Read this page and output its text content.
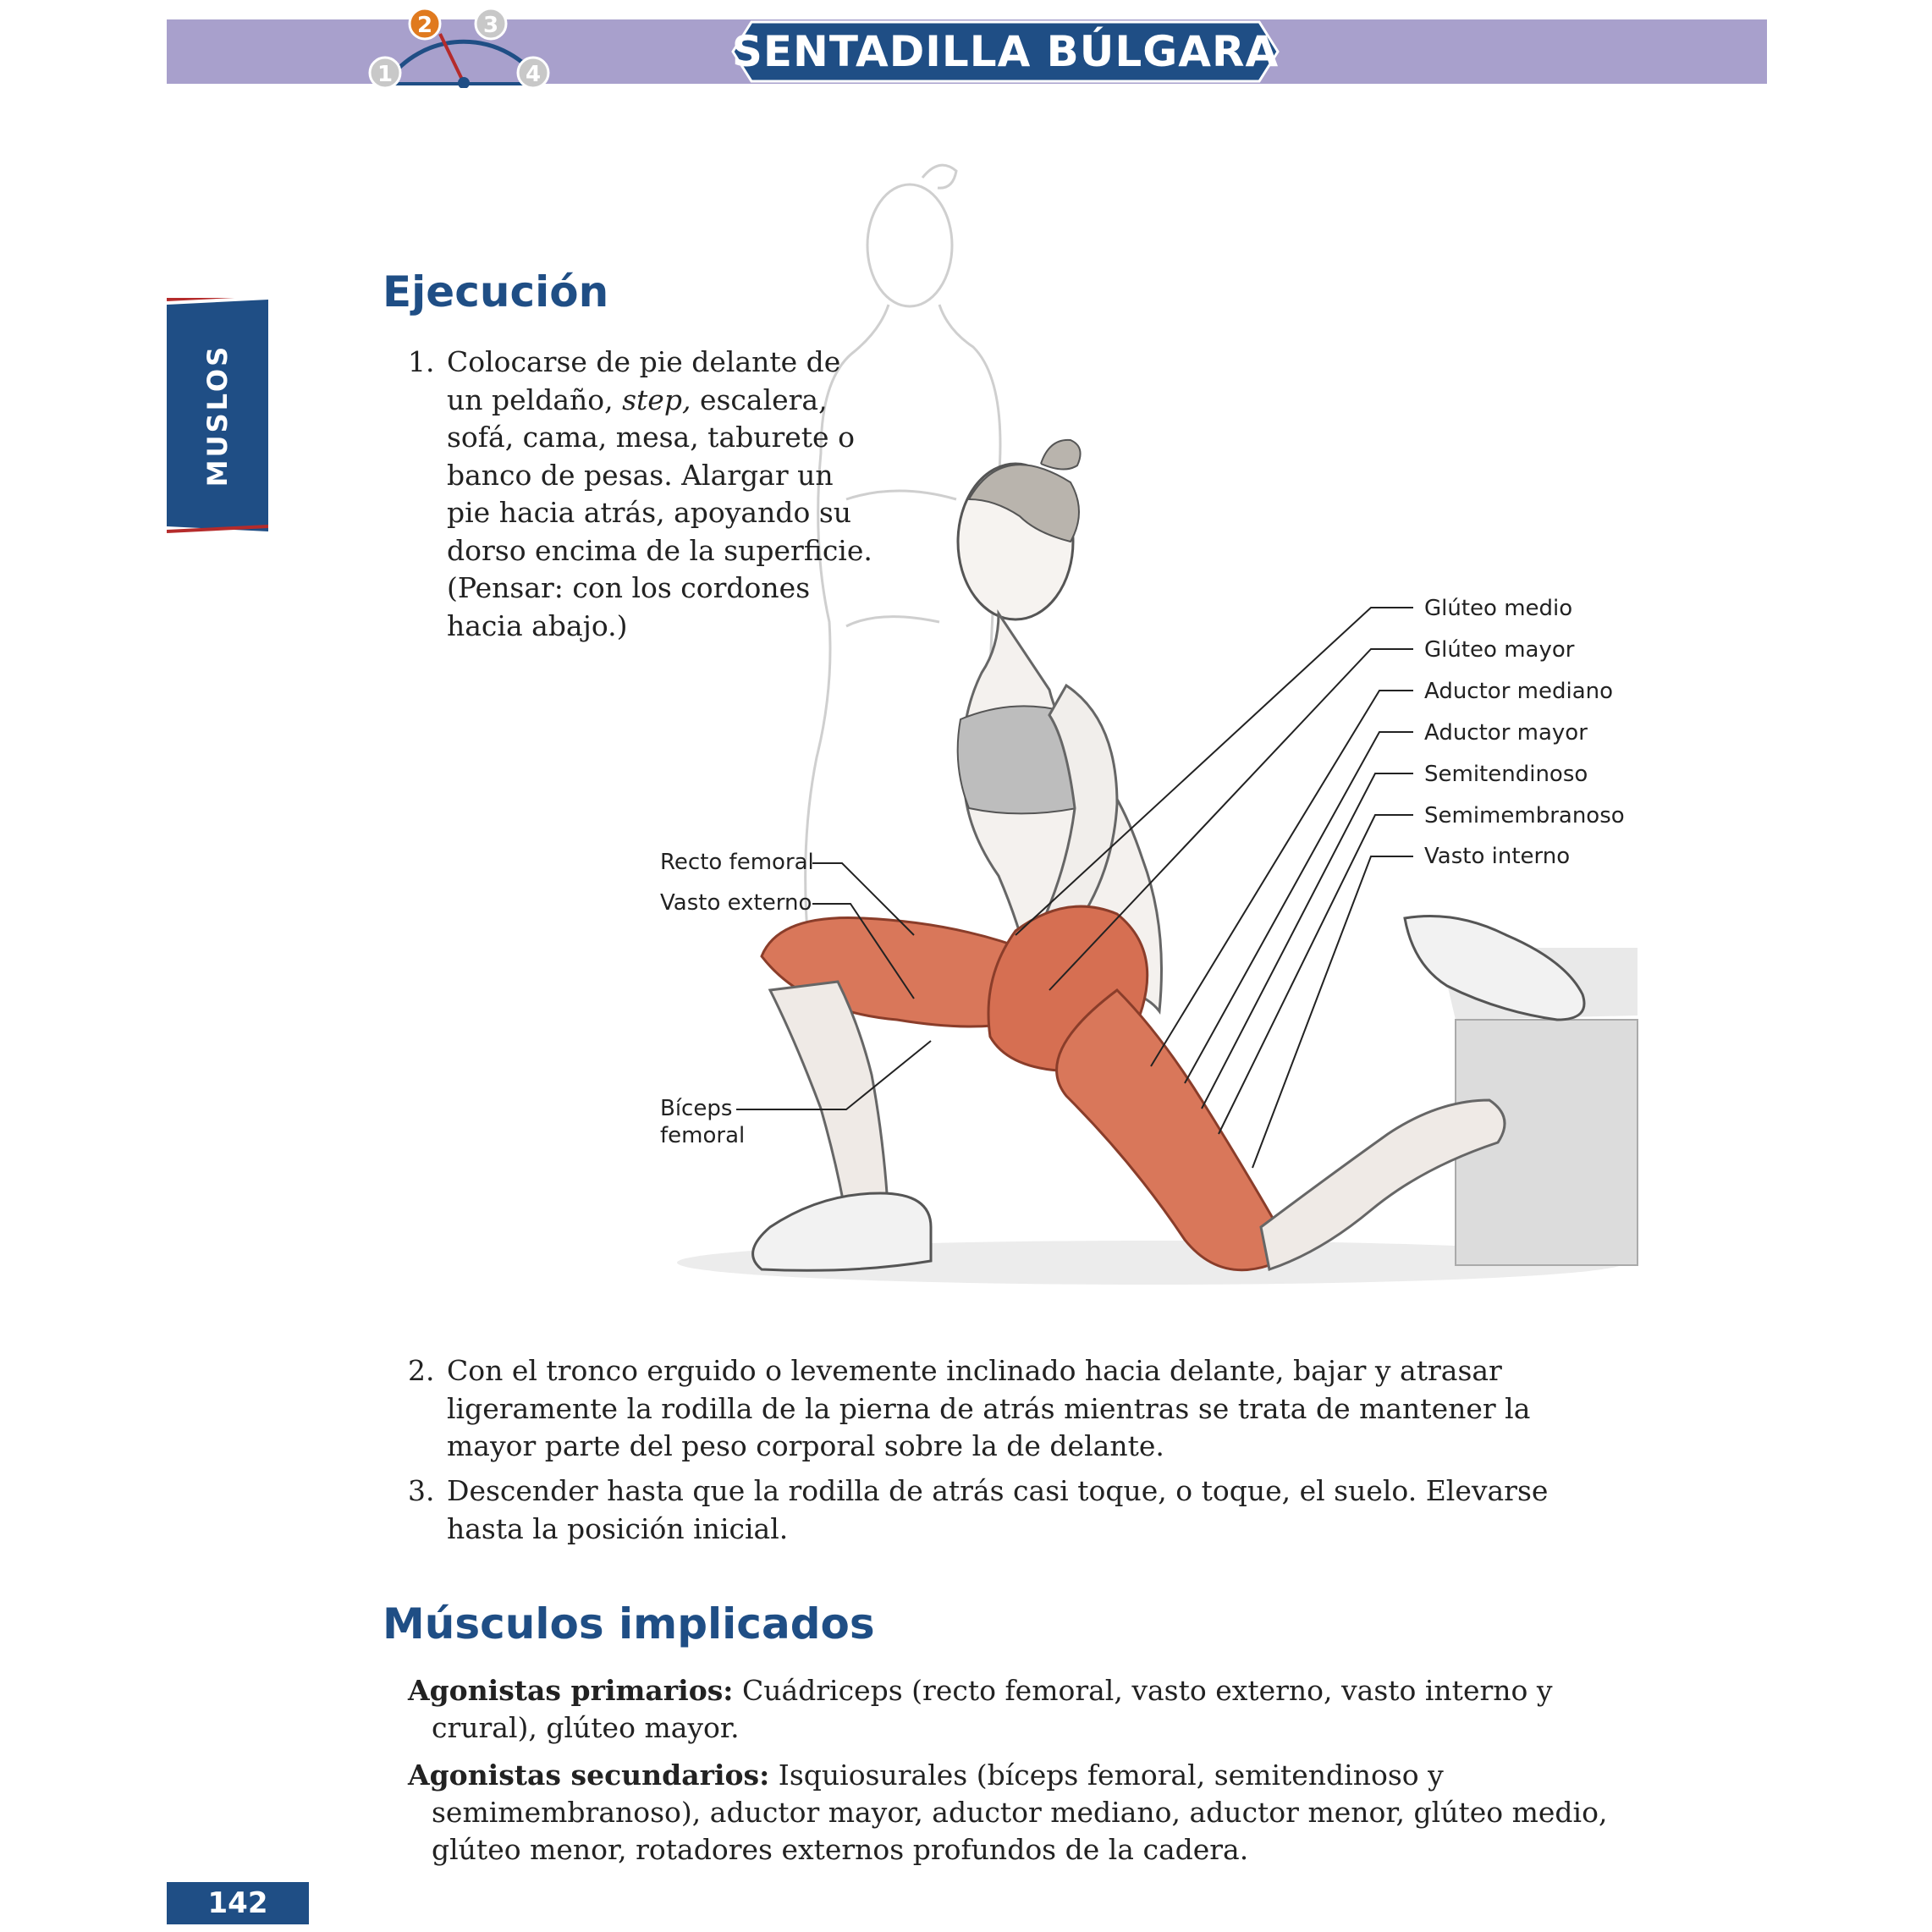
1
2 3
4	SENTADILLA BÚLGARA
MUSLOS
Glúteo medio
Glúteo mayor
Aductor mediano
Aductor mayor
Semitendinoso
Semimembranoso
Vasto interno
Recto femoral
Vasto externo
Bíceps
femoral
Ejecución
1. Colocarse de pie delante de un peldaño, step, escalera, sofá, cama, mesa, taburete o banco de pesas. Alargar un pie hacia atrás, apoyando su dorso encima de la superficie. (Pensar: con los cordones hacia abajo.)
2. Con el tronco erguido o levemente inclinado hacia delante, bajar y atrasar ligeramente la rodilla de la pierna de atrás mientras se trata de mantener la mayor parte del peso corporal sobre la de delante.
3. Descender hasta que la rodilla de atrás casi toque, o toque, el suelo. Elevarse hasta la posición inicial.
Músculos implicados
Agonistas primarios: Cuádriceps (recto femoral, vasto externo, vasto interno y crural), glúteo mayor.
Agonistas secundarios: Isquiosurales (bíceps femoral, semitendinoso y semimembranoso), aductor mayor, aductor mediano, aductor menor, glúteo medio, glúteo menor, rotadores externos profundos de la cadera.
142
